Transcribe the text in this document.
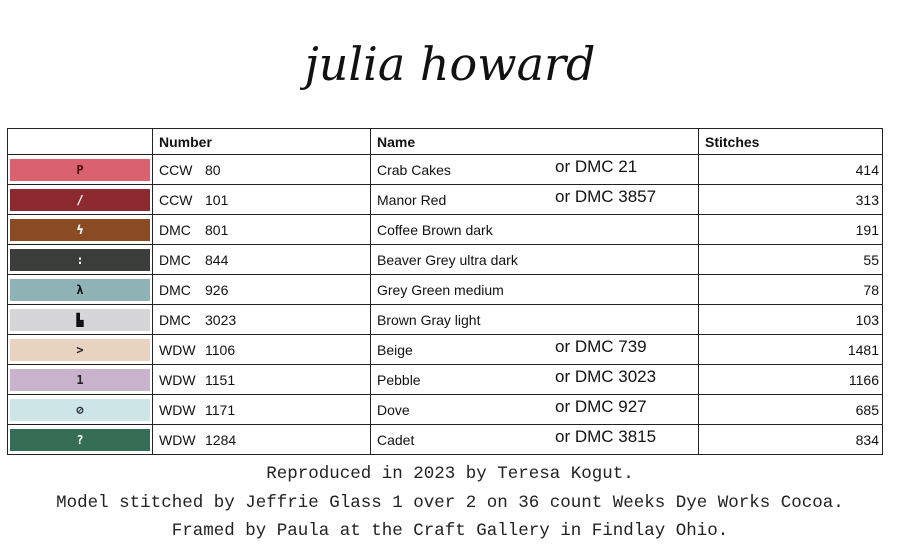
julia howard
	Number	Name	Stitches

P	CCW 80	Crab Cakes or DMC 21	414

/	CCW 101	Manor Red or DMC 3857	313

ϟ	DMC 801	Coffee Brown dark	191

:	DMC 844	Beaver Grey ultra dark	55

λ	DMC 926	Grey Green medium	78

▙	DMC 3023	Brown Gray light	103

>	WDW 1106	Beige or DMC 739	1481

1	WDW 1151	Pebble or DMC 3023	1166

⊘	WDW 1171	Dove or DMC 927	685

?	WDW 1284	Cadet or DMC 3815	834
Reproduced in 2023 by Teresa Kogut.
Model stitched by Jeffrie Glass 1 over 2 on 36 count Weeks Dye Works Cocoa.
Framed by Paula at the Craft Gallery in Findlay Ohio.
